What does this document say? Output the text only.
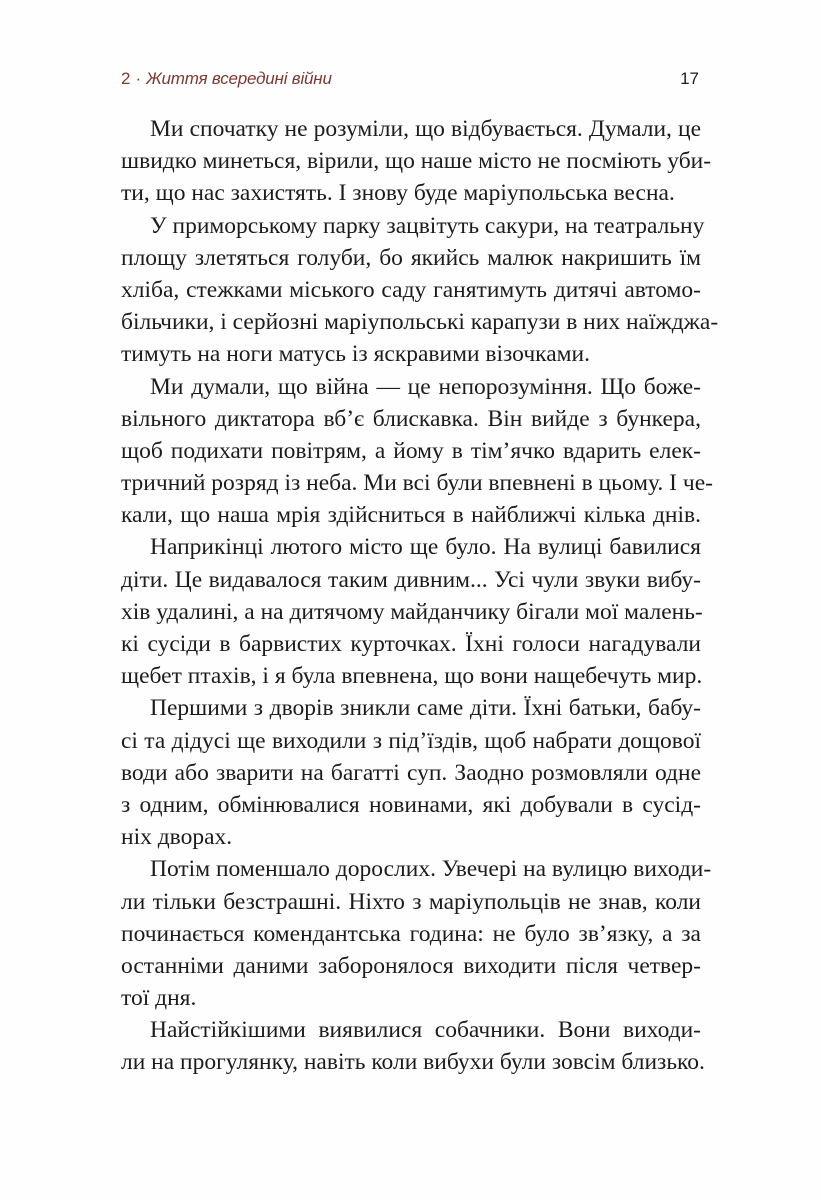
2 · Життя всередині війни	17

Ми спочатку не розуміли, що відбувається. Думали, це
швидко минеться, вірили, що наше місто не посміють уби-
ти, що нас захистять. І знову буде маріупольська весна.

У приморському парку зацвітуть сакури, на театральну
площу злетяться голуби, бо якийсь малюк накришить їм
хліба, стежками міського саду ганятимуть дитячі автомо-
більчики, і серйозні маріупольські карапузи в них наїжджа-
тимуть на ноги матусь із яскравими візочками.

Ми думали, що війна — це непорозуміння. Що боже-
вільного диктатора вб’є блискавка. Він вийде з бункера,
щоб подихати повітрям, а йому в тім’ячко вдарить елек-
тричний розряд із неба. Ми всі були впевнені в цьому. І че-
кали, що наша мрія здійсниться в найближчі кілька днів.

Наприкінці лютого місто ще було. На вулиці бавилися
діти. Це видавалося таким дивним... Усі чули звуки вибу-
хів удалині, а на дитячому майданчику бігали мої малень-
кі сусіди в барвистих курточках. Їхні голоси нагадували
щебет птахів, і я була впевнена, що вони нащебечуть мир.

Першими з дворів зникли саме діти. Їхні батьки, бабу-
сі та дідусі ще виходили з під’їздів, щоб набрати дощової
води або зварити на багатті суп. Заодно розмовляли одне
з одним, обмінювалися новинами, які добували в сусід-
ніх дворах.

Потім поменшало дорослих. Увечері на вулицю виходи-
ли тільки безстрашні. Ніхто з маріупольців не знав, коли
починається комендантська година: не було зв’язку, а за
останніми даними заборонялося виходити після четвер-
тої дня.

Найстійкішими виявилися собачники. Вони виходи-
ли на прогулянку, навіть коли вибухи були зовсім близько.
